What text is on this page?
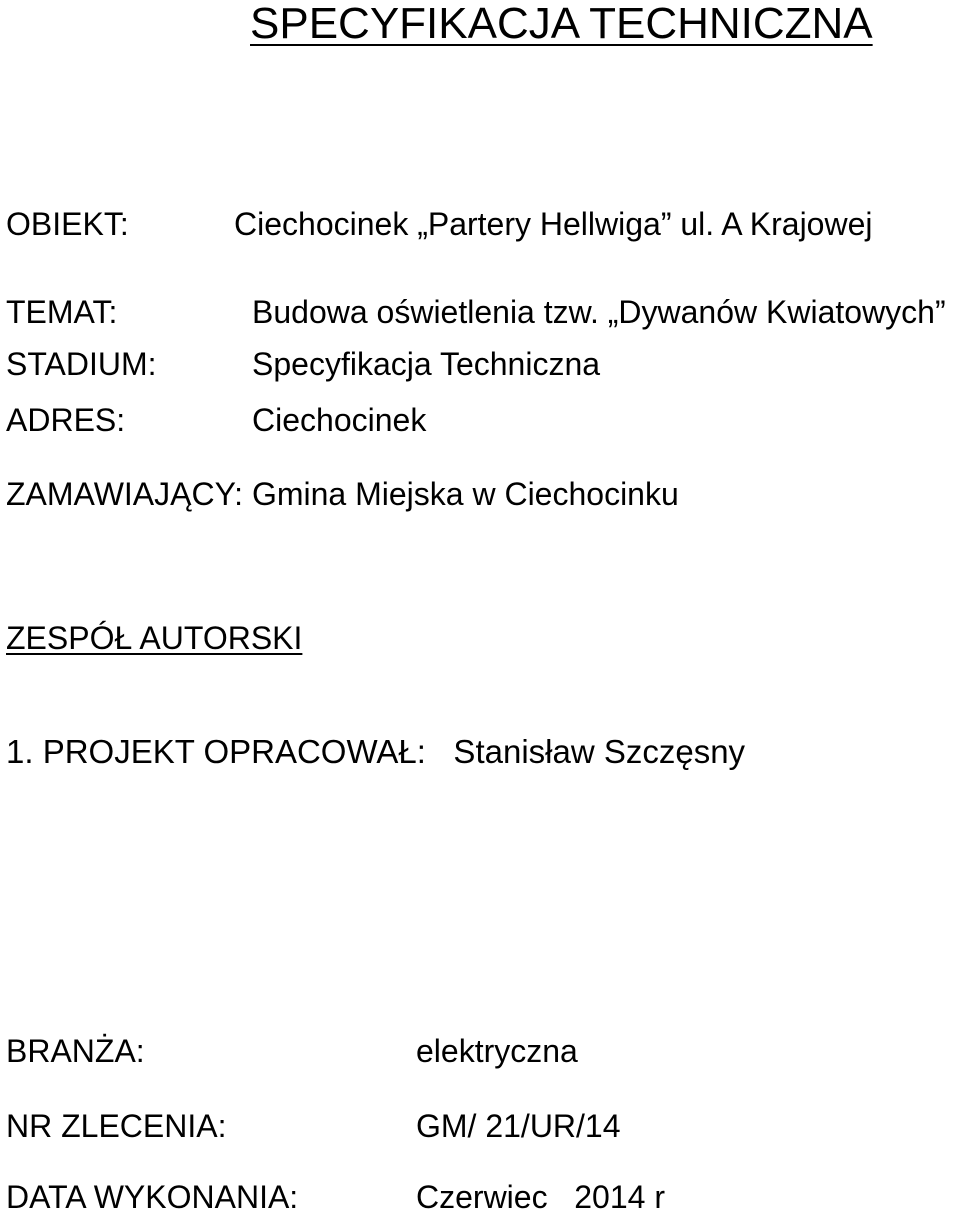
SPECYFIKACJA TECHNICZNA
OBIEKT:	Ciechocinek „Partery Hellwiga” ul. A Krajowej
TEMAT:	Budowa oświetlenia tzw. „Dywanów Kwiatowych”
STADIUM:	Specyfikacja Techniczna
ADRES:	Ciechocinek
ZAMAWIAJĄCY: Gmina Miejska w Ciechocinku
ZESPÓŁ AUTORSKI
1. PROJEKT OPRACOWAŁ:   Stanisław Szczęsny
BRANŻA:	elektryczna
NR ZLECENIA:	GM/ 21/UR/14
DATA WYKONANIA:	Czerwiec   2014 r
